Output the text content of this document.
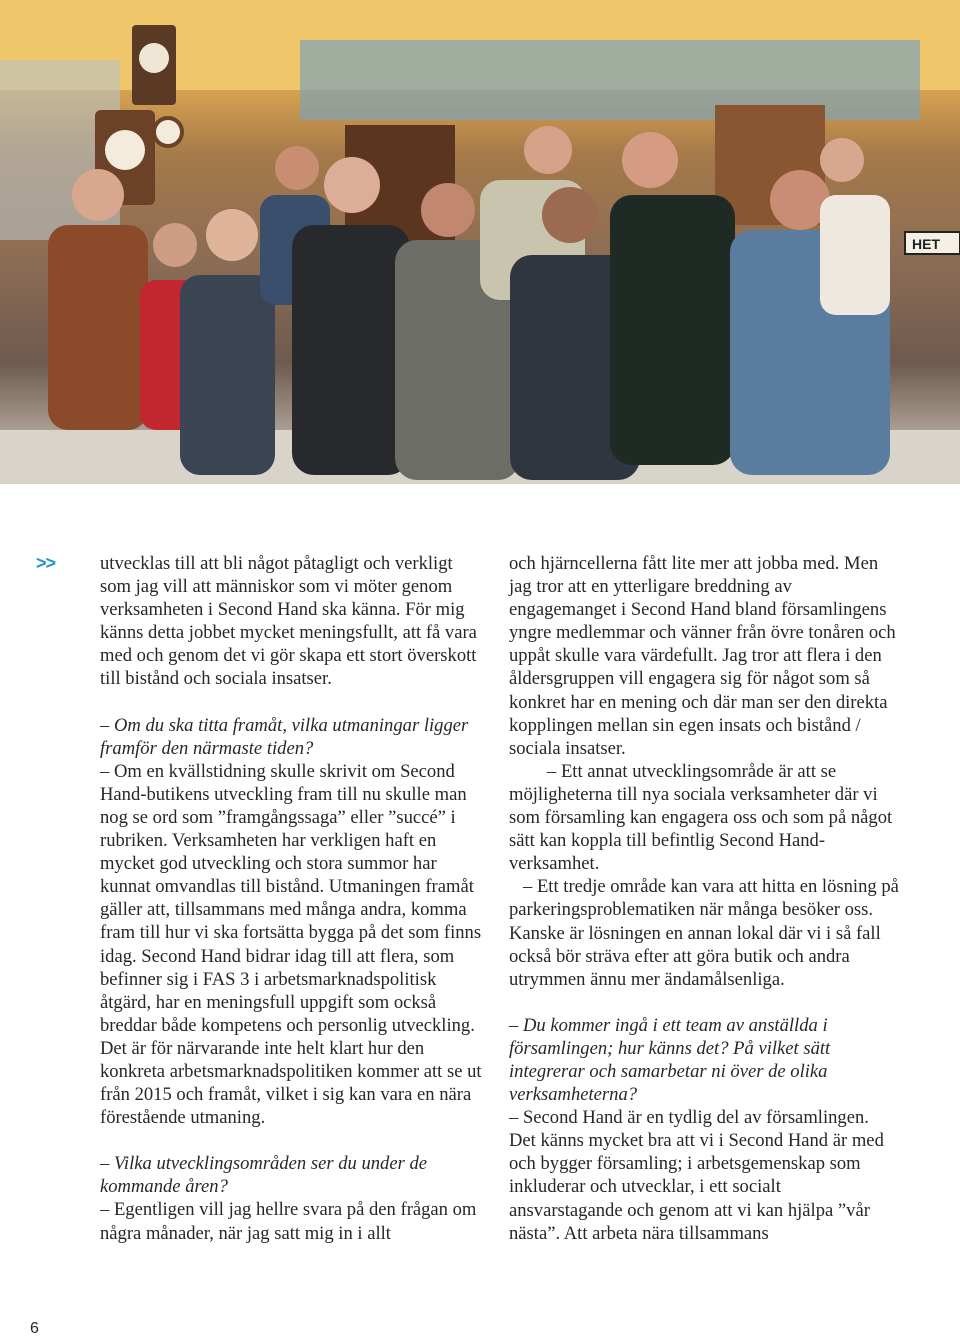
HET
>> utvecklas till att bli något påtagligt och verkligt som jag vill att människor som vi möter genom verksamheten i Second Hand ska känna. För mig känns detta jobbet mycket meningsfullt, att få vara med och genom det vi gör skapa ett stort överskott till bistånd och sociala insatser.

– Om du ska titta framåt, vilka utmaningar ligger framför den närmaste tiden?

– Om en kvällstidning skulle skrivit om Second Hand-butikens utveckling fram till nu skulle man nog se ord som ”framgångssaga” eller ”succé” i rubriken. Verksamheten har verkligen haft en mycket god utveckling och stora summor har kunnat omvandlas till bistånd. Utmaningen framåt gäller att, tillsammans med många andra, komma fram till hur vi ska fortsätta bygga på det som finns idag. Second Hand bidrar idag till att flera, som befinner sig i FAS 3 i arbetsmarknadspolitisk åtgärd, har en meningsfull uppgift som också breddar både kompetens och personlig utveckling. Det är för närvarande inte helt klart hur den konkreta arbetsmarknadspolitiken kommer att se ut från 2015 och framåt, vilket i sig kan vara en nära förestående utmaning.

– Vilka utvecklingsområden ser du under de kommande åren?

– Egentligen vill jag hellre svara på den frågan om några månader, när jag satt mig in i allt

och hjärncellerna fått lite mer att jobba med. Men jag tror att en ytterligare breddning av engagemanget i Second Hand bland församlingens yngre medlemmar och vänner från övre tonåren och uppåt skulle vara värdefullt. Jag tror att flera i den åldersgruppen vill engagera sig för något som så konkret har en mening och där man ser den direkta kopplingen mellan sin egen insats och bistånd / sociala insatser.

– Ett annat utvecklingsområde är att se möjligheterna till nya sociala verksamheter där vi som församling kan engagera oss och som på något sätt kan koppla till befintlig Second Hand-verksamhet.

– Ett tredje område kan vara att hitta en lösning på parkeringsproblematiken när många besöker oss. Kanske är lösningen en annan lokal där vi i så fall också bör sträva efter att göra butik och andra utrymmen ännu mer ändamålsenliga.

– Du kommer ingå i ett team av anställda i församlingen; hur känns det? På vilket sätt integrerar och samarbetar ni över de olika verksamheterna?

– Second Hand är en tydlig del av församlingen. Det känns mycket bra att vi i Second Hand är med och bygger församling; i arbetsgemenskap som inkluderar och utvecklar, i ett socialt ansvarstagande och genom att vi kan hjälpa ”vår nästa”. Att arbeta nära tillsammans

6
